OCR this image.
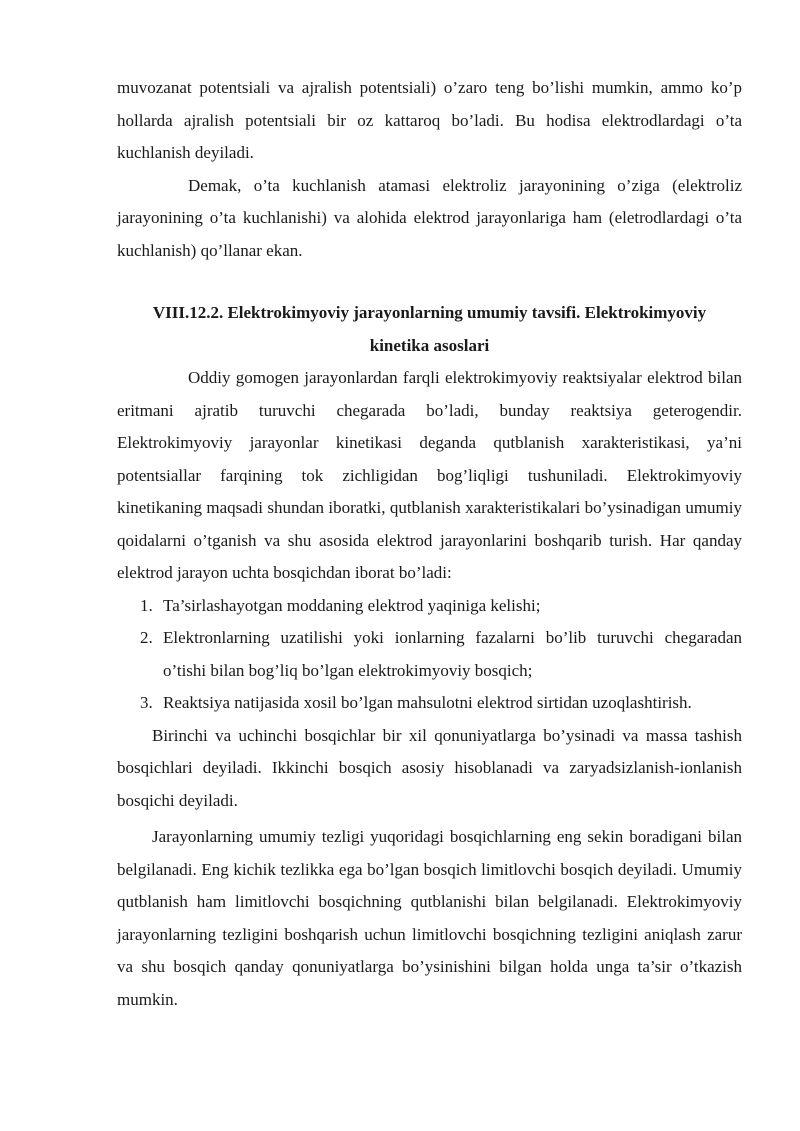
muvozanat potentsiali va ajralish potentsiali) o’zaro teng bo’lishi mumkin, ammo ko’p hollarda ajralish potentsiali bir oz kattaroq bo’ladi. Bu hodisa elektrodlardagi o’ta kuchlanish deyiladi.

Demak, o’ta kuchlanish atamasi elektroliz jarayonining o’ziga (elektroliz jarayonining o’ta kuchlanishi) va alohida elektrod jarayonlariga ham (eletrodlardagi o’ta kuchlanish) qo’llanar ekan.

VIII.12.2. Elektrokimyoviy jarayonlarning umumiy tavsifi. Elektrokimyoviy
kinetika asoslari

Oddiy gomogen jarayonlardan farqli elektrokimyoviy reaktsiyalar elektrod bilan eritmani ajratib turuvchi chegarada bo’ladi, bunday reaktsiya geterogendir. Elektrokimyoviy jarayonlar kinetikasi deganda qutblanish xarakteristikasi, ya’ni potentsiallar farqining tok zichligidan bog’liqligi tushuniladi. Elektrokimyoviy kinetikaning maqsadi shundan iboratki, qutblanish xarakteristikalari bo’ysinadigan umumiy qoidalarni o’tganish va shu asosida elektrod jarayonlarini boshqarib turish. Har qanday elektrod jarayon uchta bosqichdan iborat bo’ladi:

1. Ta’sirlashayotgan moddaning elektrod yaqiniga kelishi;
2. Elektronlarning uzatilishi yoki ionlarning fazalarni bo’lib turuvchi chegaradan o’tishi bilan bog’liq bo’lgan elektrokimyoviy bosqich;
3. Reaktsiya natijasida xosil bo’lgan mahsulotni elektrod sirtidan uzoqlashtirish.

Birinchi va uchinchi bosqichlar bir xil qonuniyatlarga bo’ysinadi va massa tashish bosqichlari deyiladi. Ikkinchi bosqich asosiy hisoblanadi va zaryadsizlanish-ionlanish bosqichi deyiladi.

Jarayonlarning umumiy tezligi yuqoridagi bosqichlarning eng sekin boradigani bilan belgilanadi. Eng kichik tezlikka ega bo’lgan bosqich limitlovchi bosqich deyiladi. Umumiy qutblanish ham limitlovchi bosqichning qutblanishi bilan belgilanadi. Elektrokimyoviy jarayonlarning tezligini boshqarish uchun limitlovchi bosqichning tezligini aniqlash zarur va shu bosqich qanday qonuniyatlarga bo’ysinishini bilgan holda unga ta’sir o’tkazish mumkin.
